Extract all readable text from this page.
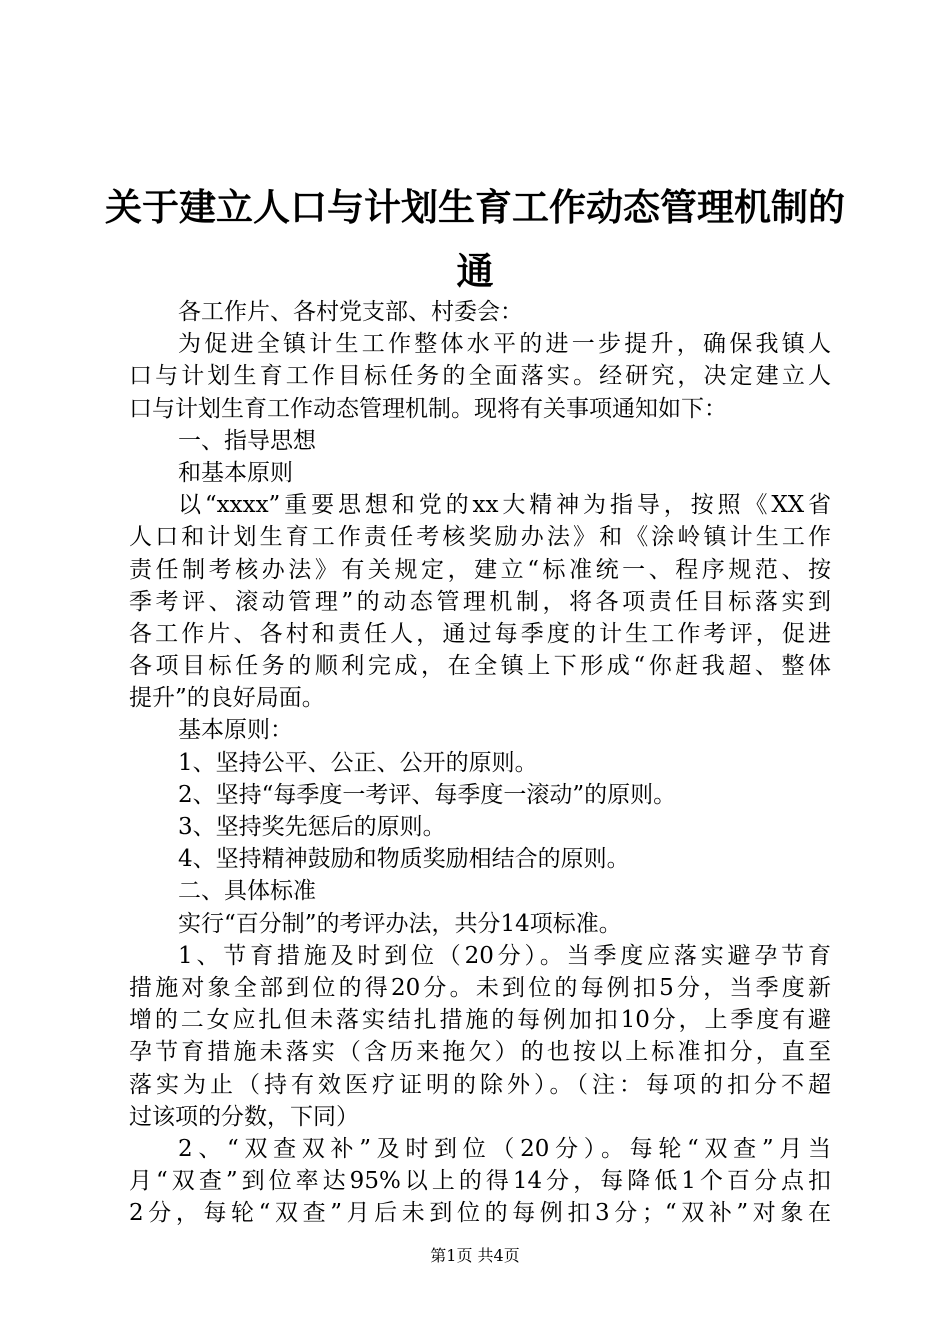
关于建立人口与计划生育工作动态管理机制的
通
各工作片、各村党支部、村委会：
为促进全镇计生工作整体水平的进一步提升，确保我镇人
口与计划生育工作目标任务的全面落实。经研究，决定建立人
口与计划生育工作动态管理机制。现将有关事项通知如下：
一、指导思想
和基本原则
以“xxxx”重要思想和党的xx大精神为指导，按照《XX省
人口和计划生育工作责任考核奖励办法》和《涂岭镇计生工作
责任制考核办法》有关规定，建立“标准统一、程序规范、按
季考评、滚动管理”的动态管理机制，将各项责任目标落实到
各工作片、各村和责任人，通过每季度的计生工作考评，促进
各项目标任务的顺利完成，在全镇上下形成“你赶我超、整体
提升”的良好局面。
基本原则：
1、坚持公平、公正、公开的原则。
2、坚持“每季度一考评、每季度一滚动”的原则。
3、坚持奖先惩后的原则。
4、坚持精神鼓励和物质奖励相结合的原则。
二、具体标准
实行“百分制”的考评办法，共分14项标准。
1、节育措施及时到位（20分）。当季度应落实避孕节育
措施对象全部到位的得20分。未到位的每例扣5分，当季度新
增的二女应扎但未落实结扎措施的每例加扣10分，上季度有避
孕节育措施未落实（含历来拖欠）的也按以上标准扣分，直至
落实为止（持有效医疗证明的除外）。（注：每项的扣分不超
过该项的分数，下同）
2、“双查双补”及时到位（20分）。每轮“双查”月当
月“双查”到位率达95%以上的得14分，每降低1个百分点扣
2分，每轮“双查”月后未到位的每例扣3分；“双补”对象在
第1页 共4页
